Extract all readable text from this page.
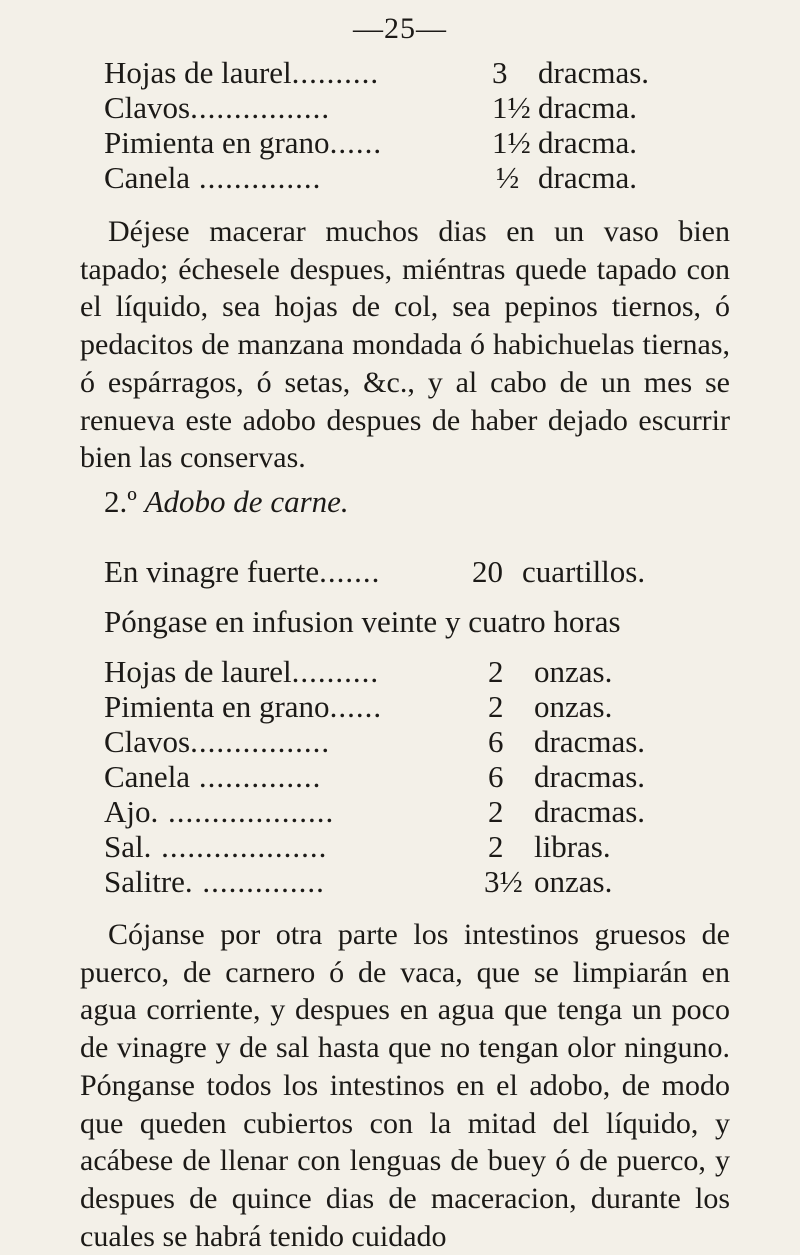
—25—
Hojas de laurel..........	3 dracmas.
Clavos................	1½ dracma.
Pimienta en grano......	1½ dracma.
Canela ..............	½ dracma.
Déjese macerar muchos dias en un vaso bien tapado; échesele despues, miéntras quede tapado con el líquido, sea hojas de col, sea pepinos tiernos, ó pedacitos de manzana mondada ó habichuelas tiernas, ó espárragos, ó setas, &c., y al cabo de un mes se renueva este adobo despues de haber dejado escurrir bien las conservas.
2.º Adobo de carne.
En vinagre fuerte.......	20 cuartillos.
Póngase en infusion veinte y cuatro horas
Hojas de laurel..........	2 onzas.
Pimienta en grano......	2 onzas.
Clavos................	6 dracmas.
Canela ..............	6 dracmas.
Ajo. ...................	2 dracmas.
Sal. ...................	2 libras.
Salitre. ..............	3½ onzas.
Cójanse por otra parte los intestinos gruesos de puerco, de carnero ó de vaca, que se limpiarán en agua corriente, y despues en agua que tenga un poco de vinagre y de sal hasta que no tengan olor ninguno. Pónganse todos los intestinos en el adobo, de modo que queden cubiertos con la mitad del líquido, y acábese de llenar con lenguas de buey ó de puerco, y despues de quince dias de maceracion, durante los cuales se habrá tenido cuidado
